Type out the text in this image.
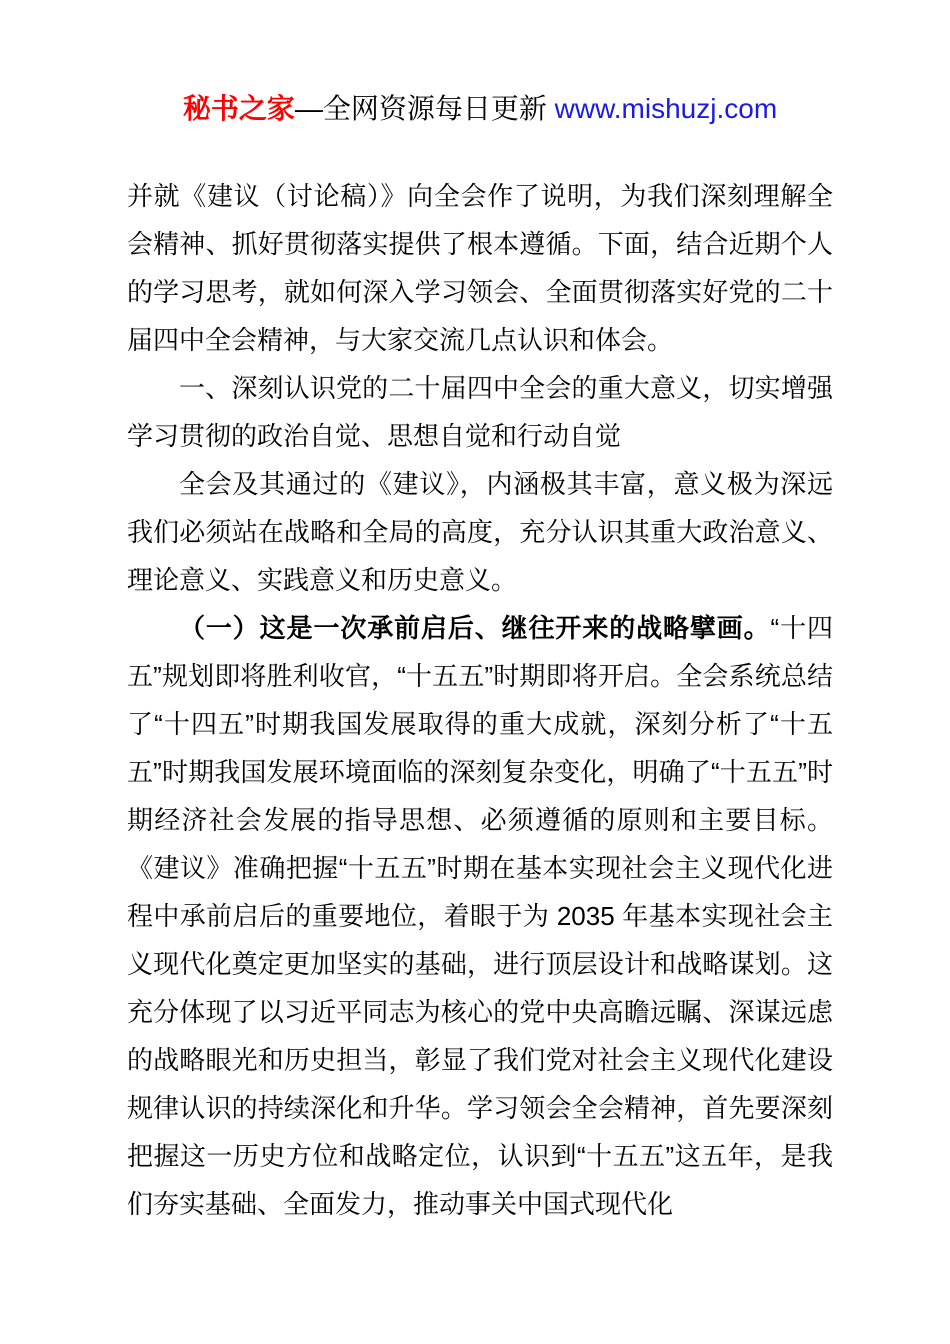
秘书之家—全网资源每日更新 www.mishuzj.com

并就《建议（讨论稿）》向全会作了说明，为我们深刻理解全会精神、抓好贯彻落实提供了根本遵循。下面，结合近期个人的学习思考，就如何深入学习领会、全面贯彻落实好党的二十届四中全会精神，与大家交流几点认识和体会。

一、深刻认识党的二十届四中全会的重大意义，切实增强学习贯彻的政治自觉、思想自觉和行动自觉

全会及其通过的《建议》，内涵极其丰富，意义极为深远我们必须站在战略和全局的高度，充分认识其重大政治意义、理论意义、实践意义和历史意义。

（一）这是一次承前启后、继往开来的战略擘画。“十四五”规划即将胜利收官，“十五五”时期即将开启。全会系统总结了“十四五”时期我国发展取得的重大成就，深刻分析了“十五五”时期我国发展环境面临的深刻复杂变化，明确了“十五五”时期经济社会发展的指导思想、必须遵循的原则和主要目标。《建议》准确把握“十五五”时期在基本实现社会主义现代化进程中承前启后的重要地位，着眼于为 2035 年基本实现社会主义现代化奠定更加坚实的基础，进行顶层设计和战略谋划。这充分体现了以习近平同志为核心的党中央高瞻远瞩、深谋远虑的战略眼光和历史担当，彰显了我们党对社会主义现代化建设规律认识的持续深化和升华。学习领会全会精神，首先要深刻把握这一历史方位和战略定位，认识到“十五五”这五年，是我们夯实基础、全面发力，推动事关中国式现代化
